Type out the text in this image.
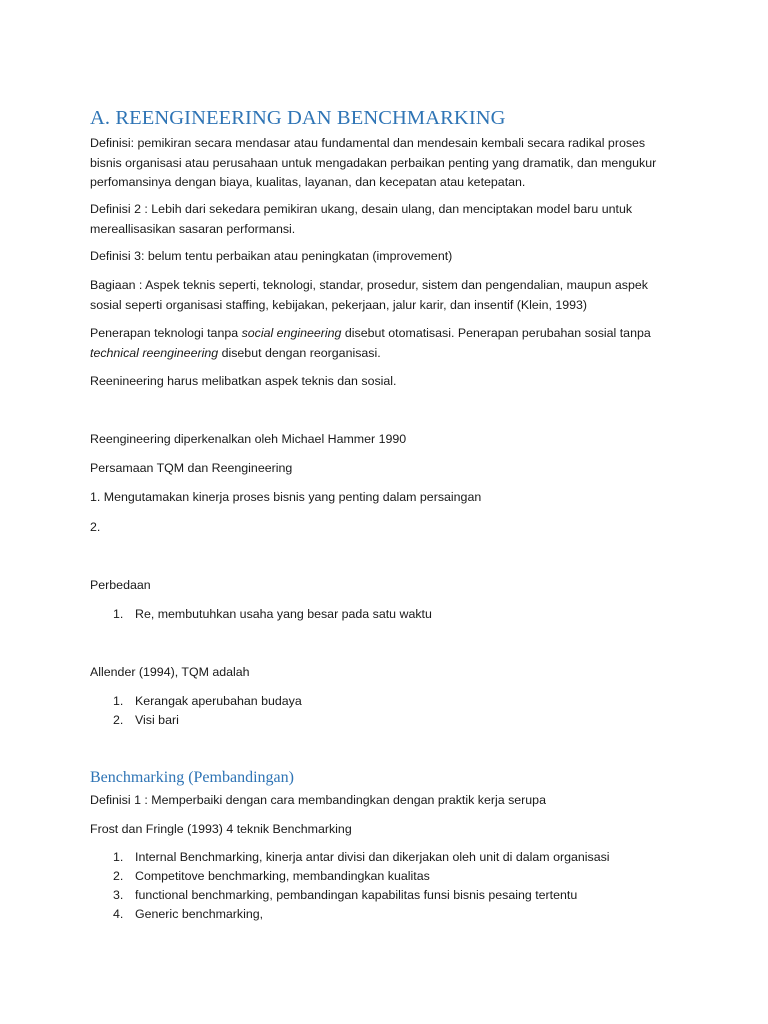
A. REENGINEERING DAN BENCHMARKING

Definisi: pemikiran secara mendasar atau fundamental dan mendesain kembali secara radikal proses bisnis organisasi atau perusahaan untuk mengadakan perbaikan penting yang dramatik, dan mengukur perfomansinya dengan biaya, kualitas, layanan, dan kecepatan atau ketepatan.

Definisi 2 : Lebih dari sekedara pemikiran ukang, desain ulang, dan menciptakan model baru untuk mereallisasikan sasaran performansi.

Definisi 3: belum tentu perbaikan atau peningkatan (improvement)

Bagiaan : Aspek teknis seperti, teknologi, standar, prosedur, sistem dan pengendalian, maupun aspek sosial seperti organisasi staffing, kebijakan, pekerjaan, jalur karir, dan insentif (Klein, 1993)

Penerapan teknologi tanpa social engineering disebut otomatisasi. Penerapan perubahan sosial tanpa technical reengineering disebut dengan reorganisasi.

Reenineering harus melibatkan aspek teknis dan sosial.

Reengineering diperkenalkan oleh Michael Hammer 1990

Persamaan TQM dan Reengineering

1. Mengutamakan kinerja proses bisnis yang penting dalam persaingan

2.

Perbedaan

1. Re, membutuhkan usaha yang besar pada satu waktu

Allender (1994), TQM adalah

1. Kerangak aperubahan budaya
2. Visi bari
Benchmarking (Pembandingan)

Definisi 1 : Memperbaiki dengan cara membandingkan dengan praktik kerja serupa

Frost dan Fringle (1993) 4 teknik Benchmarking

1. Internal Benchmarking, kinerja antar divisi dan dikerjakan oleh unit di dalam organisasi
2. Competitove benchmarking, membandingkan kualitas
3. functional benchmarking, pembandingan kapabilitas funsi bisnis pesaing tertentu
4. Generic benchmarking,
